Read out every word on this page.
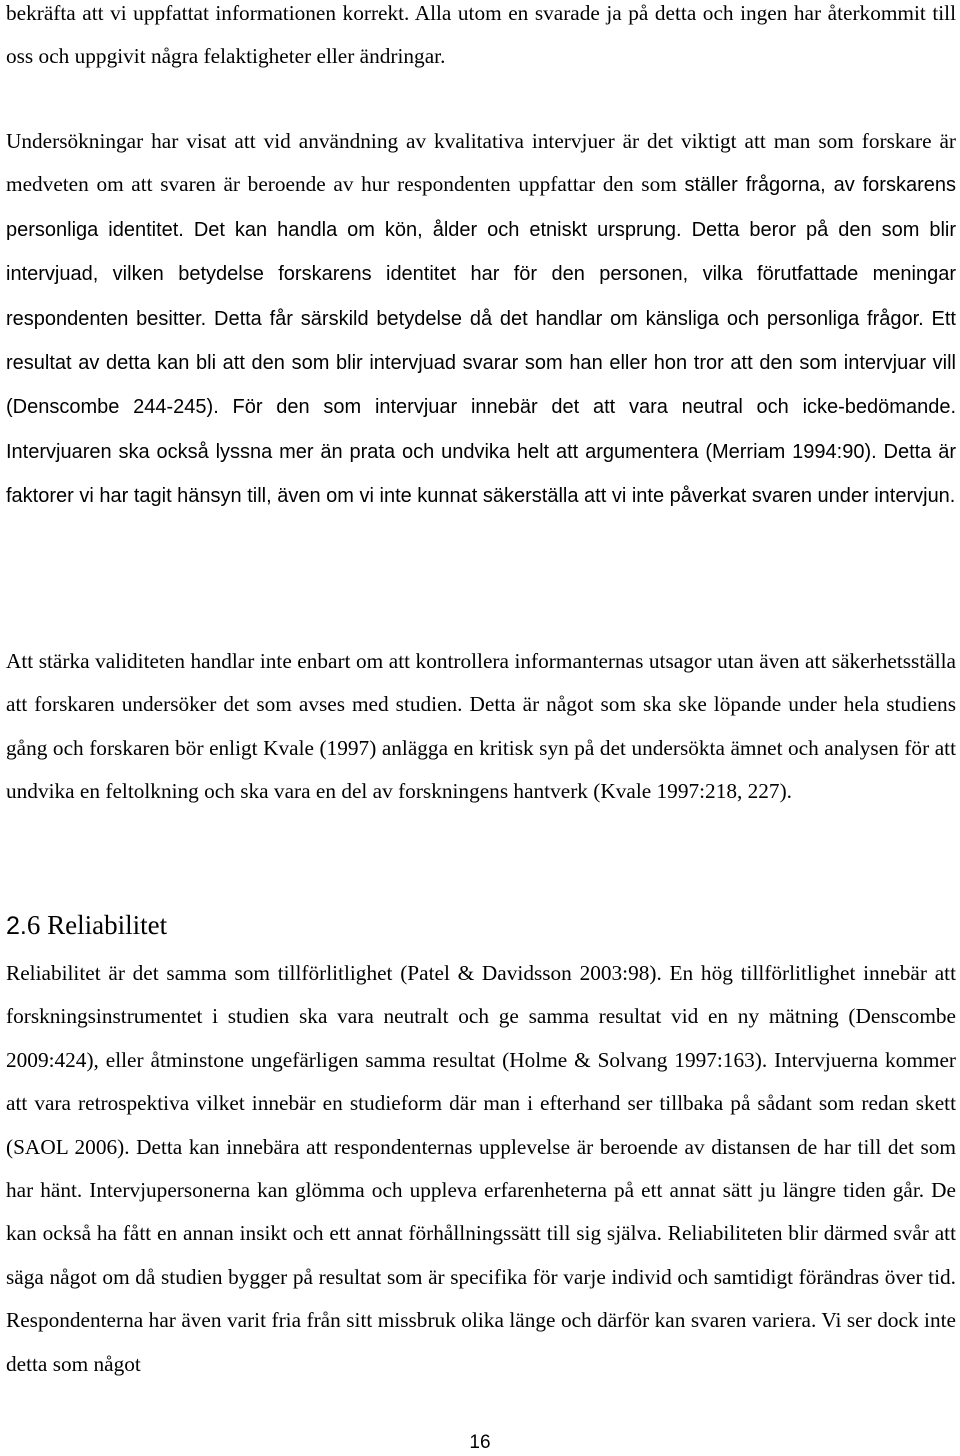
bekräfta att vi uppfattat informationen korrekt. Alla utom en svarade ja på detta och ingen har återkommit till oss och uppgivit några felaktigheter eller ändringar.

Undersökningar har visat att vid användning av kvalitativa intervjuer är det viktigt att man som forskare är medveten om att svaren är beroende av hur respondenten uppfattar den som ställer frågorna, av forskarens personliga identitet. Det kan handla om kön, ålder och etniskt ursprung. Detta beror på den som blir intervjuad, vilken betydelse forskarens identitet har för den personen, vilka förutfattade meningar respondenten besitter. Detta får särskild betydelse då det handlar om känsliga och personliga frågor. Ett resultat av detta kan bli att den som blir intervjuad svarar som han eller hon tror att den som intervjuar vill (Denscombe 244-245). För den som intervjuar innebär det att vara neutral och icke-bedömande. Intervjuaren ska också lyssna mer än prata och undvika helt att argumentera (Merriam 1994:90). Detta är faktorer vi har tagit hänsyn till, även om vi inte kunnat säkerställa att vi inte påverkat svaren under intervjun.

Att stärka validiteten handlar inte enbart om att kontrollera informanternas utsagor utan även att säkerhetsställa att forskaren undersöker det som avses med studien. Detta är något som ska ske löpande under hela studiens gång och forskaren bör enligt Kvale (1997) anlägga en kritisk syn på det undersökta ämnet och analysen för att undvika en feltolkning och ska vara en del av forskningens hantverk (Kvale 1997:218, 227).

2.6 Reliabilitet

Reliabilitet är det samma som tillförlitlighet (Patel & Davidsson 2003:98). En hög tillförlitlighet innebär att forskningsinstrumentet i studien ska vara neutralt och ge samma resultat vid en ny mätning (Denscombe 2009:424), eller åtminstone ungefärligen samma resultat (Holme & Solvang 1997:163). Intervjuerna kommer att vara retrospektiva vilket innebär en studieform där man i efterhand ser tillbaka på sådant som redan skett (SAOL 2006). Detta kan innebära att respondenternas upplevelse är beroende av distansen de har till det som har hänt. Intervjupersonerna kan glömma och uppleva erfarenheterna på ett annat sätt ju längre tiden går. De kan också ha fått en annan insikt och ett annat förhållningssätt till sig själva. Reliabiliteten blir därmed svår att säga något om då studien bygger på resultat som är specifika för varje individ och samtidigt förändras över tid. Respondenterna har även varit fria från sitt missbruk olika länge och därför kan svaren variera. Vi ser dock inte detta som något

16
